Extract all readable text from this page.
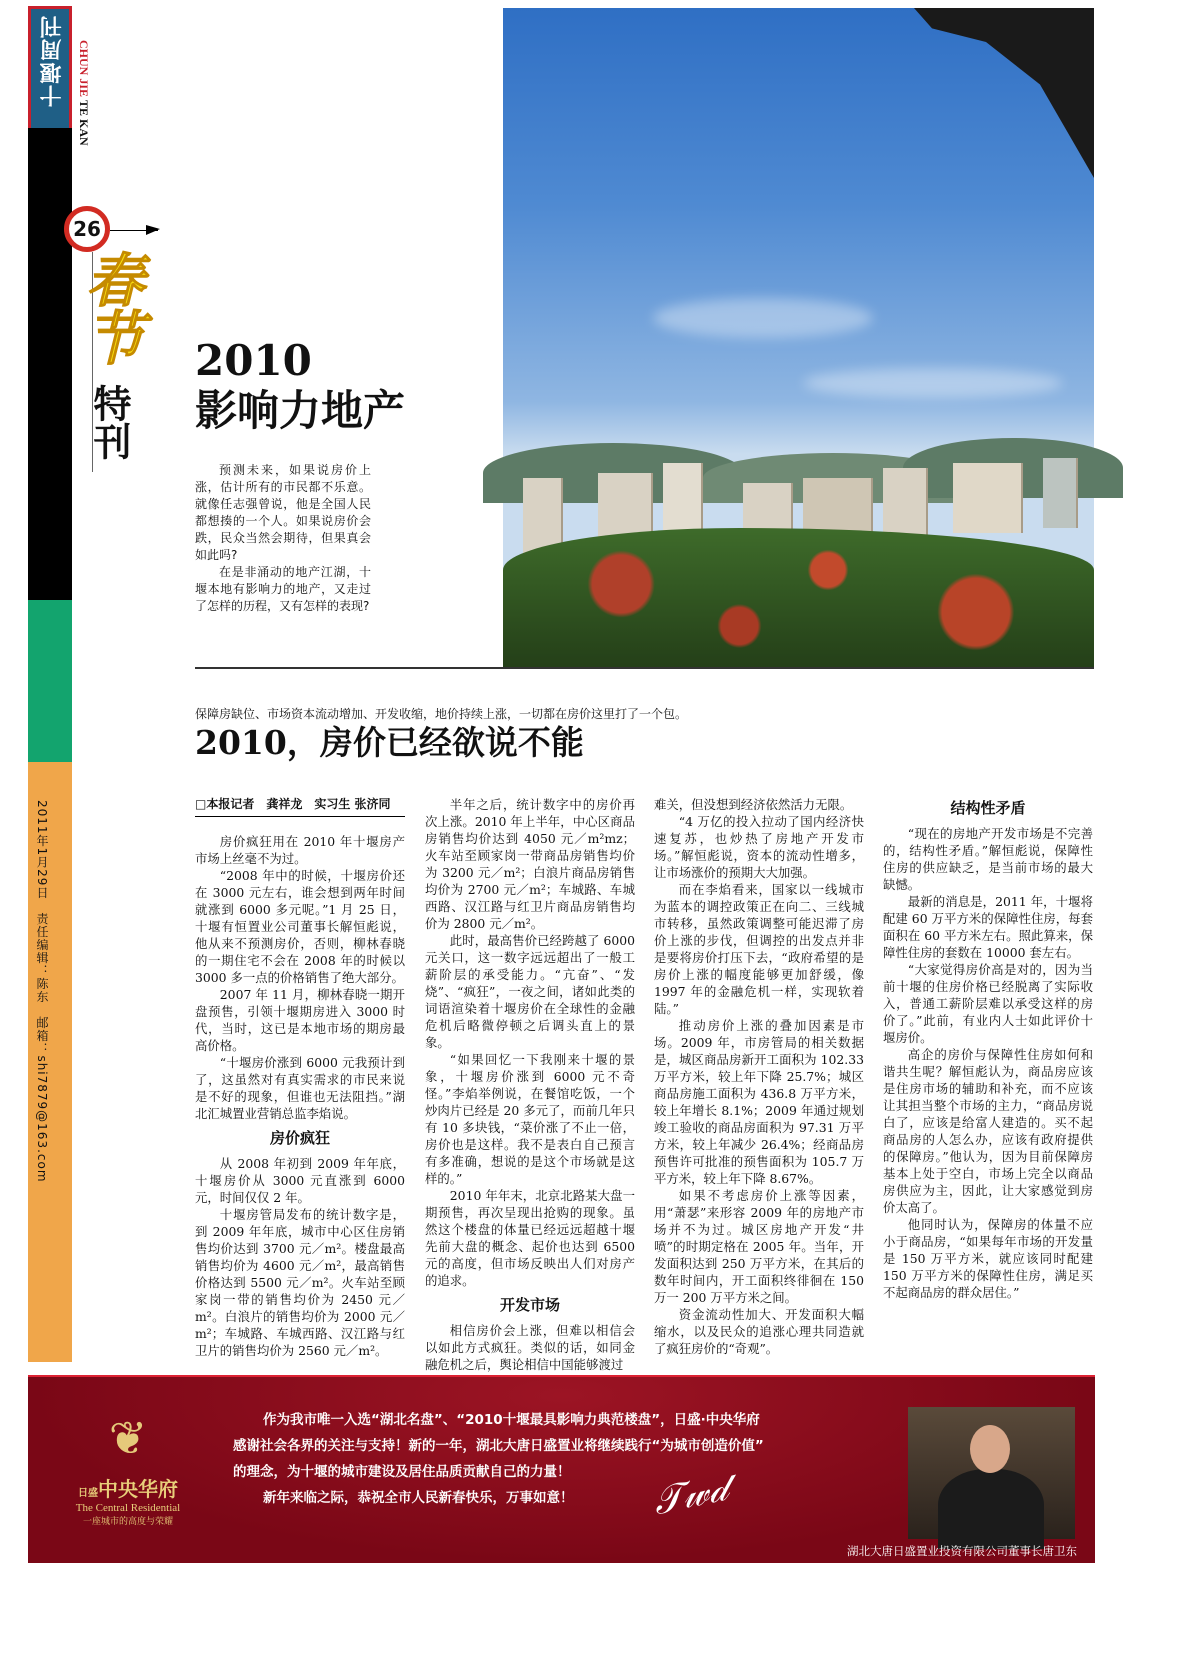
十堰周刊
2011年1月29日　责任编辑：陈东　邮箱：shi7879@163.com
CHUN JIE TE KAN
26
春节
特刊
2010
影响力地产

预测未来，如果说房价上涨，估计所有的市民都不乐意。就像任志强曾说，他是全国人民都想揍的一个人。如果说房价会跌，民众当然会期待，但果真会如此吗?

在是非涌动的地产江湖，十堰本地有影响力的地产，又走过了怎样的历程，又有怎样的表现?

保障房缺位、市场资本流动增加、开发收缩，地价持续上涨，一切都在房价这里打了一个包。
2010，房价已经欲说不能
□本报记者　龚祥龙　实习生 张济同

房价疯狂用在 2010 年十堰房产市场上丝毫不为过。

“2008 年中的时候，十堰房价还在 3000 元左右，谁会想到两年时间就涨到 6000 多元呢。”1 月 25 日，十堰有恒置业公司董事长解恒彪说，他从来不预测房价，否则，柳林春晓的一期住宅不会在 2008 年的时候以 3000 多一点的价格销售了绝大部分。

2007 年 11 月，柳林春晓一期开盘预售，引领十堰期房进入 3000 时代，当时，这已是本地市场的期房最高价格。

“十堰房价涨到 6000 元我预计到了，这虽然对有真实需求的市民来说是不好的现象，但谁也无法阻挡。”湖北汇城置业营销总监李焰说。

房价疯狂

从 2008 年初到 2009 年年底，十堰房价从 3000 元直涨到 6000 元，时间仅仅 2 年。

十堰房管局发布的统计数字是，到 2009 年年底，城市中心区住房销售均价达到 3700 元／m²。楼盘最高销售均价为 4600 元／m²，最高销售价格达到 5500 元／m²。火车站至顾家岗一带的销售均价为 2450 元／m²。白浪片的销售均价为 2000 元／m²；车城路、车城西路、汉江路与红卫片的销售均价为 2560 元／m²。

半年之后，统计数字中的房价再次上涨。2010 年上半年，中心区商品房销售均价达到 4050 元／m²mz；火车站至顾家岗一带商品房销售均价为 3200 元／m²；白浪片商品房销售均价为 2700 元／m²；车城路、车城西路、汉江路与红卫片商品房销售均价为 2800 元／m²。

此时，最高售价已经跨越了 6000 元关口，这一数字远远超出了一般工薪阶层的承受能力。“亢奋”、“发烧”、“疯狂”，一夜之间，诸如此类的词语渲染着十堰房价在全球性的金融危机后略微停顿之后调头直上的景象。

“如果回忆一下我刚来十堰的景象，十堰房价涨到 6000 元不奇怪。”李焰举例说，在餐馆吃饭，一个炒肉片已经是 20 多元了，而前几年只有 10 多块钱，“菜价涨了不止一倍，房价也是这样。我不是表白自己预言有多准确，想说的是这个市场就是这样的。”

2010 年年末，北京北路某大盘一期预售，再次呈现出抢购的现象。虽然这个楼盘的体量已经远远超越十堰先前大盘的概念、起价也达到 6500 元的高度，但市场反映出人们对房产的追求。

开发市场

相信房价会上涨，但难以相信会以如此方式疯狂。类似的话，如同金融危机之后，舆论相信中国能够渡过

难关，但没想到经济依然活力无限。

“4 万亿的投入拉动了国内经济快速复苏，也炒热了房地产开发市场。”解恒彪说，资本的流动性增多，让市场涨价的预期大大加强。

而在李焰看来，国家以一线城市为蓝本的调控政策正在向二、三线城市转移，虽然政策调整可能迟滞了房价上涨的步伐，但调控的出发点并非是要将房价打压下去，“政府希望的是房价上涨的幅度能够更加舒缓，像 1997 年的金融危机一样，实现软着陆。”

推动房价上涨的叠加因素是市场。2009 年，市房管局的相关数据是，城区商品房新开工面积为 102.33 万平方米，较上年下降 25.7%；城区商品房施工面积为 436.8 万平方米，较上年增长 8.1%；2009 年通过规划竣工验收的商品房面积为 97.31 万平方米，较上年减少 26.4%；经商品房预售许可批准的预售面积为 105.7 万平方米，较上年下降 8.67%。

如果不考虑房价上涨等因素，用“萧瑟”来形容 2009 年的房地产市场并不为过。城区房地产开发“井喷”的时期定格在 2005 年。当年，开发面积达到 250 万平方米，在其后的数年时间内，开工面积终徘徊在 150 万一 200 万平方米之间。

资金流动性加大、开发面积大幅缩水，以及民众的追涨心理共同造就了疯狂房价的“奇观”。

结构性矛盾

“现在的房地产开发市场是不完善的，结构性矛盾。”解恒彪说，保障性住房的供应缺乏，是当前市场的最大缺憾。

最新的消息是，2011 年，十堰将配建 60 万平方米的保障性住房，每套面积在 60 平方米左右。照此算来，保障性住房的套数在 10000 套左右。

“大家觉得房价高是对的，因为当前十堰的住房价格已经脱离了实际收入，普通工薪阶层难以承受这样的房价了。”此前，有业内人士如此评价十堰房价。

高企的房价与保障性住房如何和谐共生呢？解恒彪认为，商品房应该是住房市场的辅助和补充，而不应该让其担当整个市场的主力，“商品房说白了，应该是给富人建造的。买不起商品房的人怎么办，应该有政府提供的保障房。”他认为，因为目前保障房基本上处于空白，市场上完全以商品房供应为主，因此，让大家感觉到房价太高了。

他同时认为，保障房的体量不应小于商品房，“如果每年市场的开发量是 150 万平方米，就应该同时配建 150 万平方米的保障性住房，满足买不起商品房的群众居住。”

❦
日盛中央华府
The Central Residential
一座城市的高度与荣耀
作为我市唯一入选“湖北名盘”、“2010十堰最具影响力典范楼盘”，日盛·中央华府
感谢社会各界的关注与支持！新的一年，湖北大唐日盛置业将继续践行“为城市创造价值”
的理念，为十堰的城市建设及居住品质贡献自己的力量！
新年来临之际，恭祝全市人民新春快乐，万事如意！	𝒯𝓌𝒹
湖北大唐日盛置业投资有限公司董事长唐卫东
